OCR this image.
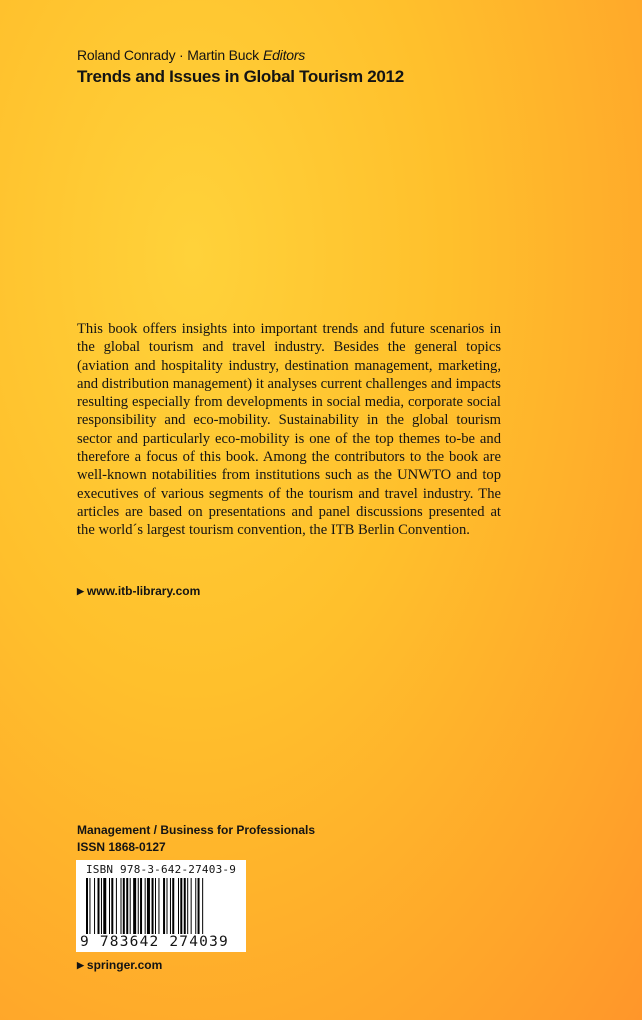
Roland Conrady · Martin Buck Editors
Trends and Issues in Global Tourism 2012

This book offers insights into important trends and future scenarios in the global tourism and travel industry. Besides the general topics (aviation and hospitality industry, destination management, marketing, and distribution management) it analyses current challenges and impacts resulting especially from developments in social media, corporate social responsibility and eco-mobility. Sustainability in the global tourism sector and particularly eco-mobility is one of the top themes to-be and therefore a focus of this book. Among the contributors to the book are well-known notabilities from institutions such as the UNWTO and top executives of various segments of the tourism and travel industry. The articles are based on presentations and panel discussions presented at the world´s largest tourism convention, the ITB Berlin Convention.

▶ www.itb-library.com
Management / Business for Professionals
ISSN 1868-0127
ISBN 978-3-642-27403-9
9 783642 274039
▶ springer.com
